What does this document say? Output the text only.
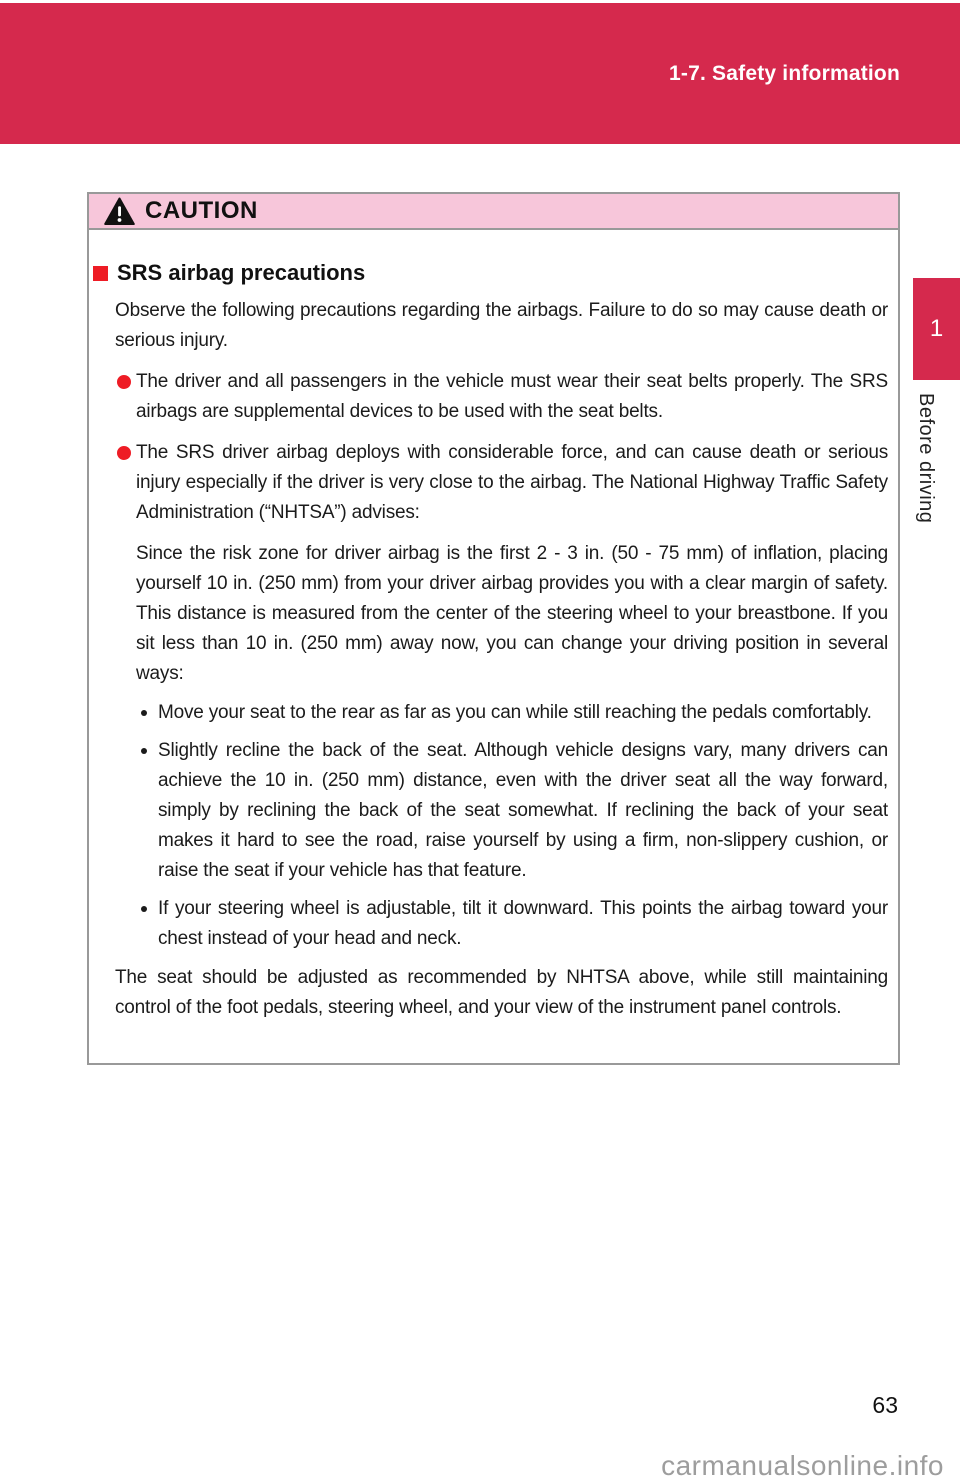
1-7. Safety information
CAUTION
SRS airbag precautions

Observe the following precautions regarding the airbags. Failure to do so may cause death or serious injury.

The driver and all passengers in the vehicle must wear their seat belts properly. The SRS airbags are supplemental devices to be used with the seat belts.

The SRS driver airbag deploys with considerable force, and can cause death or serious injury especially if the driver is very close to the airbag. The National Highway Traffic Safety Administration (“NHTSA”) advises:

Since the risk zone for driver airbag is the first 2 - 3 in. (50 - 75 mm) of inflation, placing yourself 10 in. (250 mm) from your driver airbag provides you with a clear margin of safety. This distance is measured from the center of the steering wheel to your breastbone. If you sit less than 10 in. (250 mm) away now, you can change your driving position in several ways:

Move your seat to the rear as far as you can while still reaching the pedals comfortably.

Slightly recline the back of the seat. Although vehicle designs vary, many drivers can achieve the 10 in. (250 mm) distance, even with the driver seat all the way forward, simply by reclining the back of the seat somewhat. If reclining the back of your seat makes it hard to see the road, raise yourself by using a firm, non-slippery cushion, or raise the seat if your vehicle has that feature.

If your steering wheel is adjustable, tilt it downward. This points the airbag toward your chest instead of your head and neck.

The seat should be adjusted as recommended by NHTSA above, while still maintaining control of the foot pedals, steering wheel, and your view of the instrument panel controls.

1
Before driving
63
carmanualsonline.info
